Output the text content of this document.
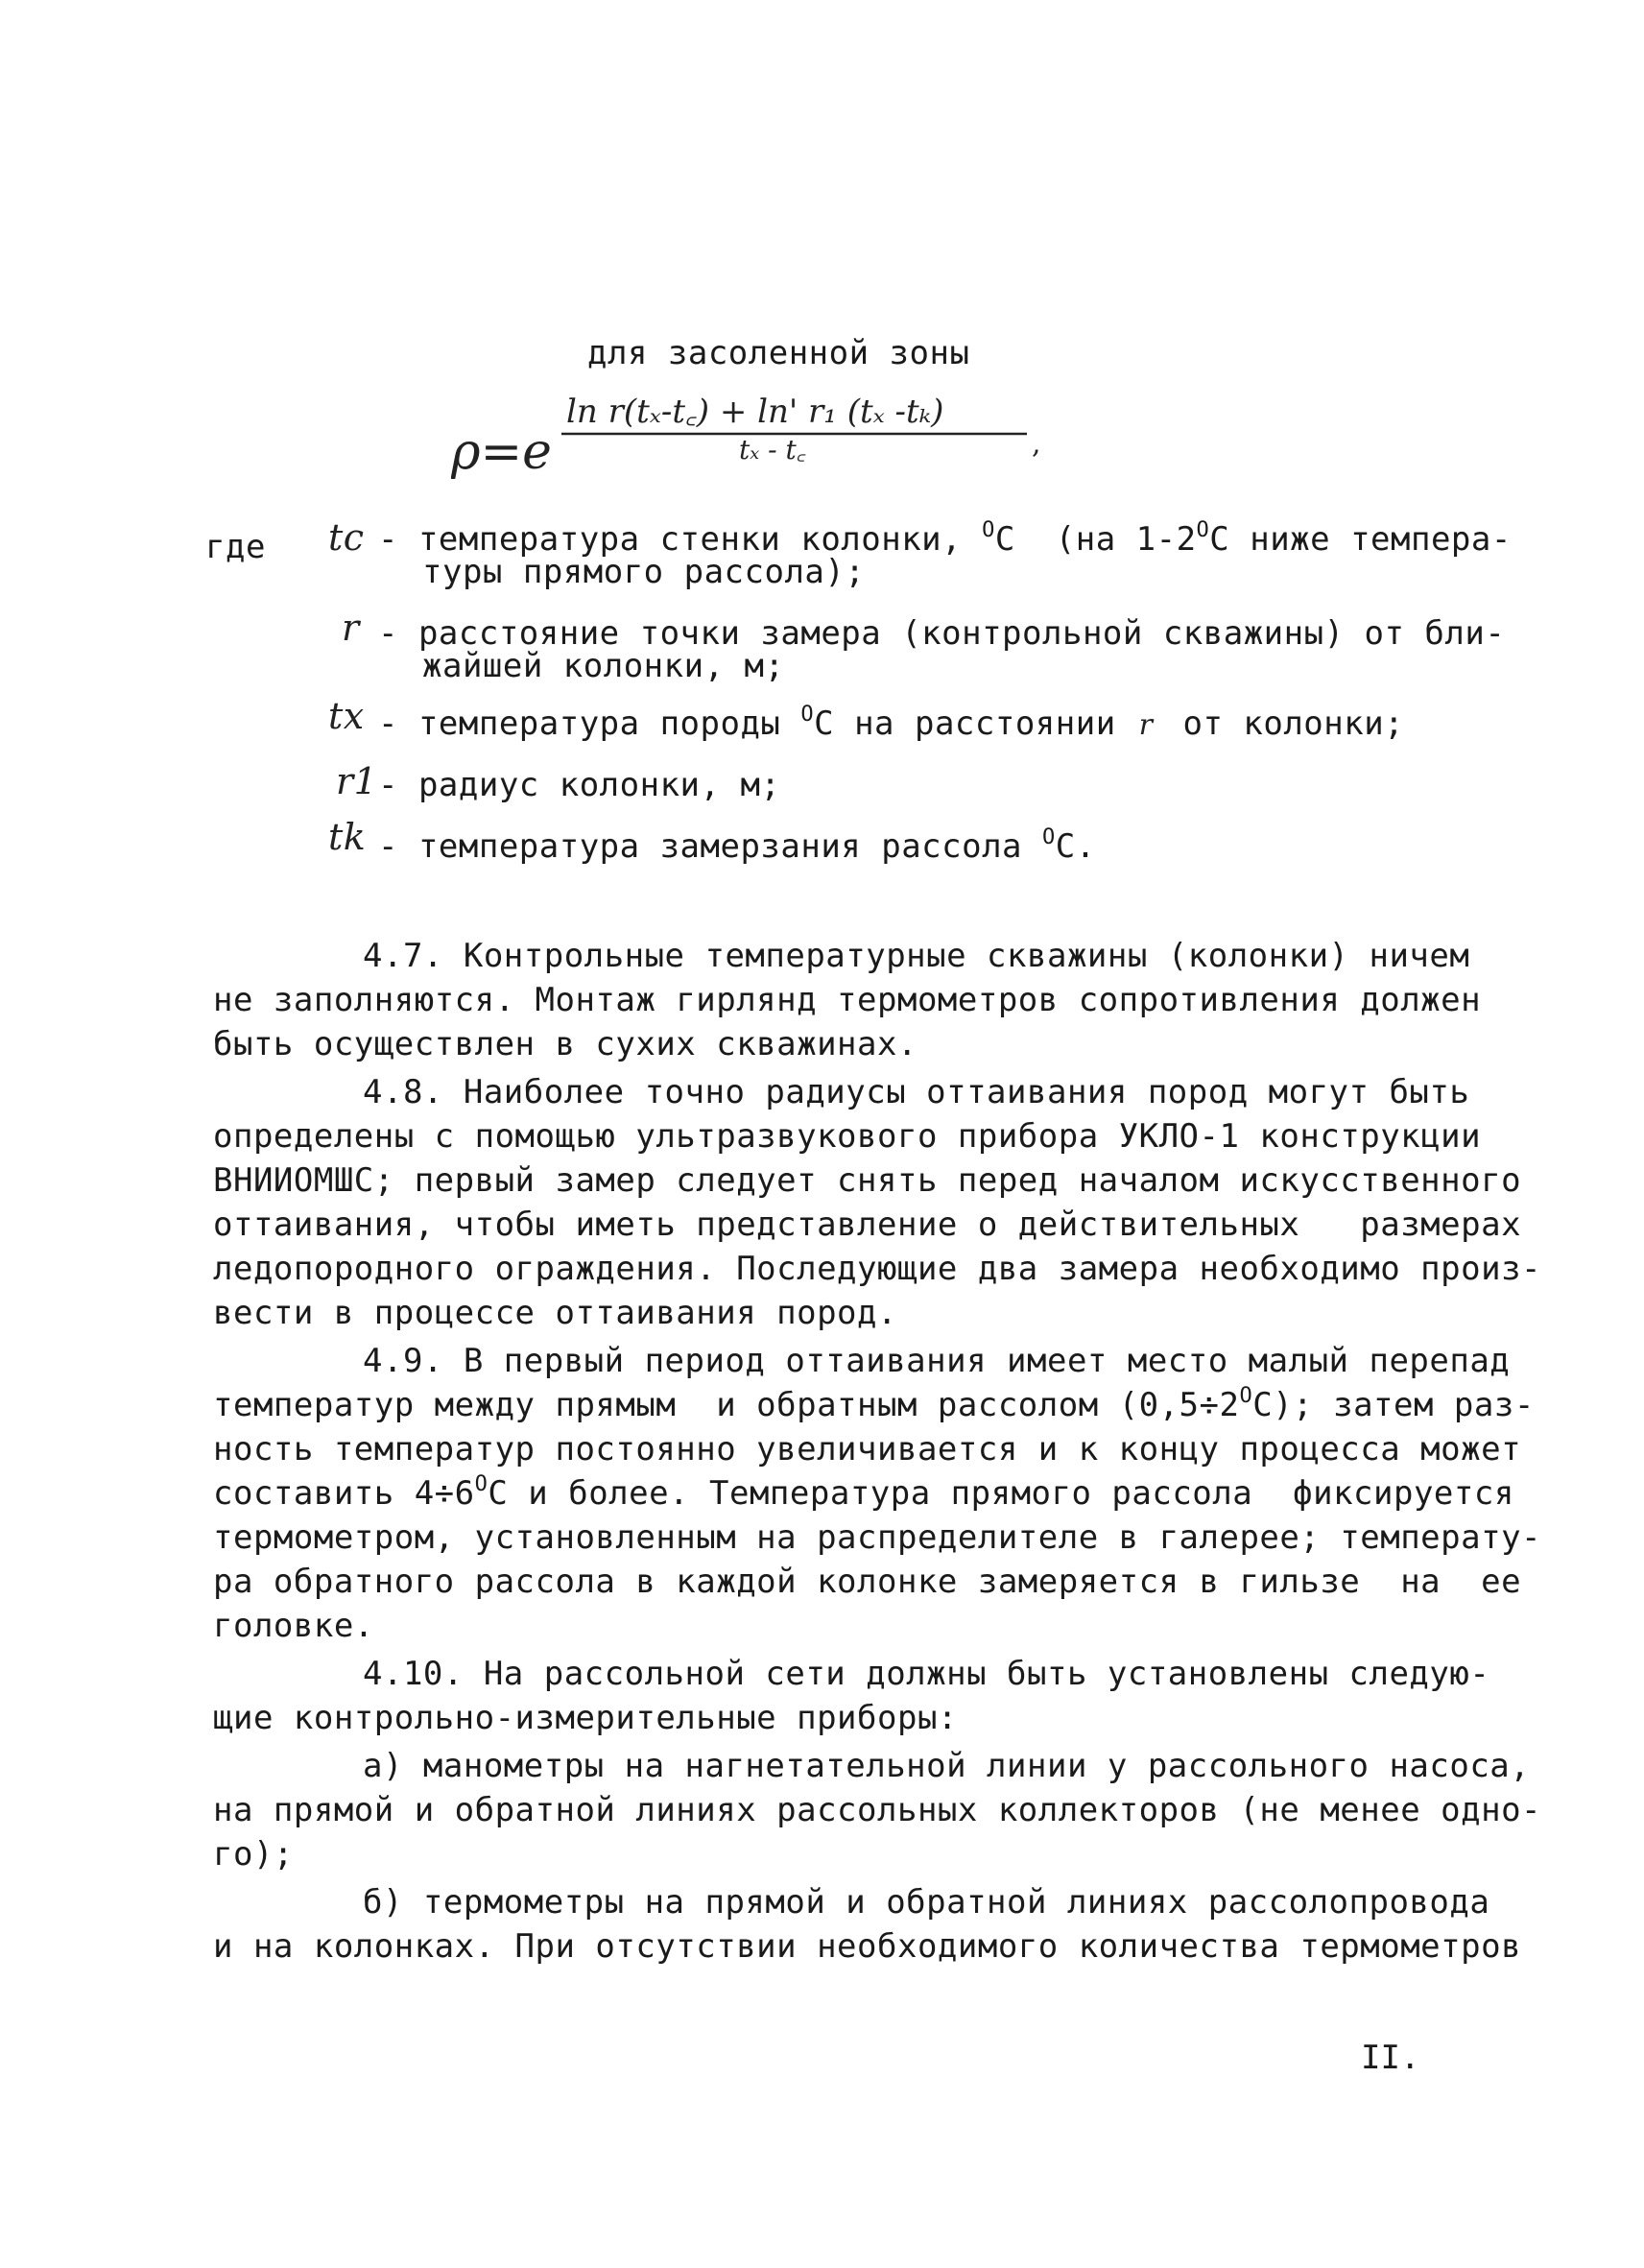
для засоленной зоны
ρ=e
ln r(tₓ-t꜀) + ln' r₁ (tₓ -tₖ)
tₓ - t꜀	,
где tc - температура стенки колонки, $^O$C  (на $1-2^OС$ ниже темпера-
туры прямого рассола);
r - расстояние точки замера (контрольной скважины) от бли-
жайшей колонки, м;
tx - температура породы $^O$С на расстоянии r от колонки;
r1 - радиус колонки, м;
tk - температура замерзания рассола $^O$С.
4.7. Контрольные температурные скважины (колонки) ничем
не заполняются. Монтаж гирлянд термометров сопротивления должен
быть осуществлен в сухих скважинах.
4.8. Наиболее точно радиусы оттаивания пород могут быть
определены с помощью ультразвукового прибора УКЛО-1 конструкции
ВНИИОМШС; первый замер следует снять перед началом искусственного
оттаивания, чтобы иметь представление о действительных   размерах
ледопородного ограждения. Последующие два замера необходимо произ-
вести в процессе оттаивания пород.
4.9. В первый период оттаивания имеет место малый перепад
температур между прямым  и обратным рассолом $(0,5\div 2^OС)$; затем раз-
ность температур постоянно увеличивается и к концу процесса может
составить $4\div 6^OС$ и более. Температура прямого рассола  фиксируется
термометром, установленным на распределителе в галерее; температу-
ра обратного рассола в каждой колонке замеряется в гильзе  на  ее
головке.
4.10. На рассольной сети должны быть установлены следую-
щие контрольно-измерительные приборы:
а) манометры на нагнетательной линии у рассольного насоса,
на прямой и обратной линиях рассольных коллекторов (не менее одно-
го);
б) термометры на прямой и обратной линиях рассолопровода
и на колонках. При отсутствии необходимого количества термометров
II.
